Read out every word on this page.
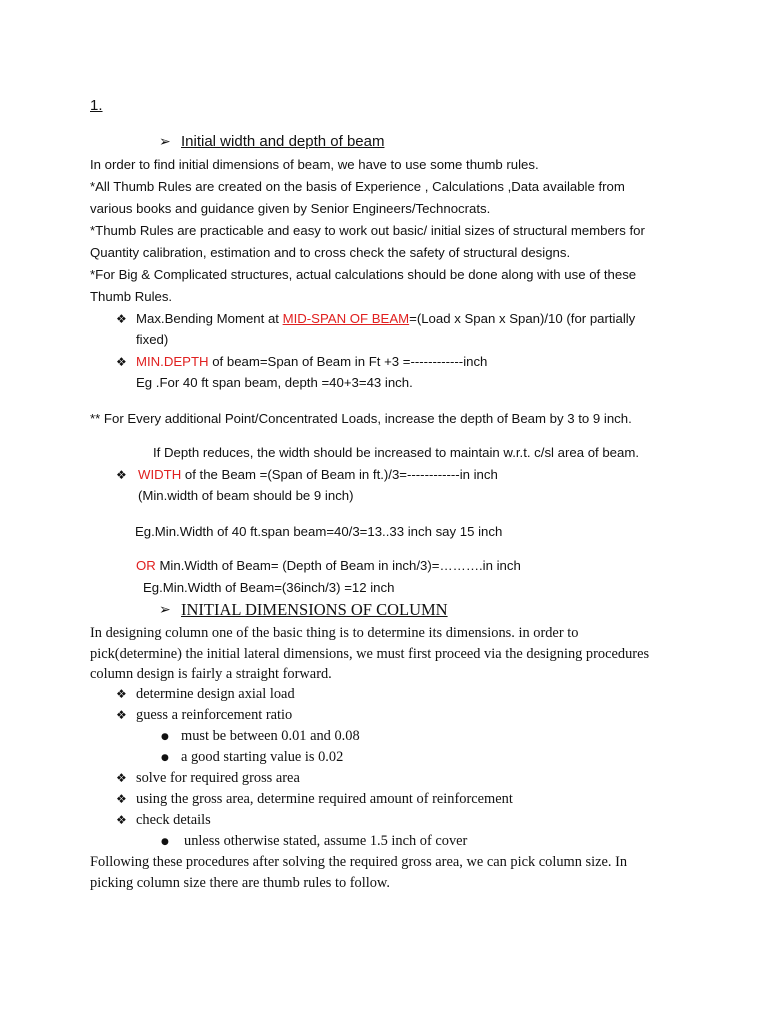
1.
➢ Initial width and depth of beam
In order to find initial dimensions of beam, we have to use some thumb rules.
*All Thumb Rules are created on the basis of Experience , Calculations ,Data available from
various books and guidance given by Senior Engineers/Technocrats.
*Thumb Rules are practicable and easy to work out basic/ initial sizes of structural members for
Quantity calibration, estimation and to cross check the safety of structural designs.
*For Big & Complicated structures, actual calculations should be done along with use of these
Thumb Rules.
❖ Max.Bending Moment at MID-SPAN OF BEAM=(Load x Span x Span)/10 (for partially
fixed)
❖ MIN.DEPTH of beam=Span of Beam in Ft +3 =------------inch
Eg .For 40 ft span beam, depth =40+3=43 inch.
** For Every additional Point/Concentrated Loads, increase the depth of Beam by 3 to 9 inch.
If Depth reduces, the width should be increased to maintain w.r.t. c/sl area of beam.
❖ WIDTH of the Beam =(Span of Beam in ft.)/3=------------in inch
(Min.width of beam should be 9 inch)
Eg.Min.Width of 40 ft.span beam=40/3=13..33 inch say 15 inch
OR Min.Width of Beam= (Depth of Beam in inch/3)=……….in inch
Eg.Min.Width of Beam=(36inch/3) =12 inch
➢ INITIAL DIMENSIONS OF COLUMN
In designing column one of the basic thing is to determine its dimensions. in order to
pick(determine) the initial lateral dimensions, we must first proceed via the designing procedures
column design is fairly a straight forward.
❖ determine design axial load
❖ guess a reinforcement ratio
● must be between 0.01 and 0.08
● a good starting value is 0.02
❖ solve for required gross area
❖ using the gross area, determine required amount of reinforcement
❖ check details
● unless otherwise stated, assume 1.5 inch of cover
Following these procedures after solving the required gross area, we can pick column size. In
picking column size there are thumb rules to follow.
